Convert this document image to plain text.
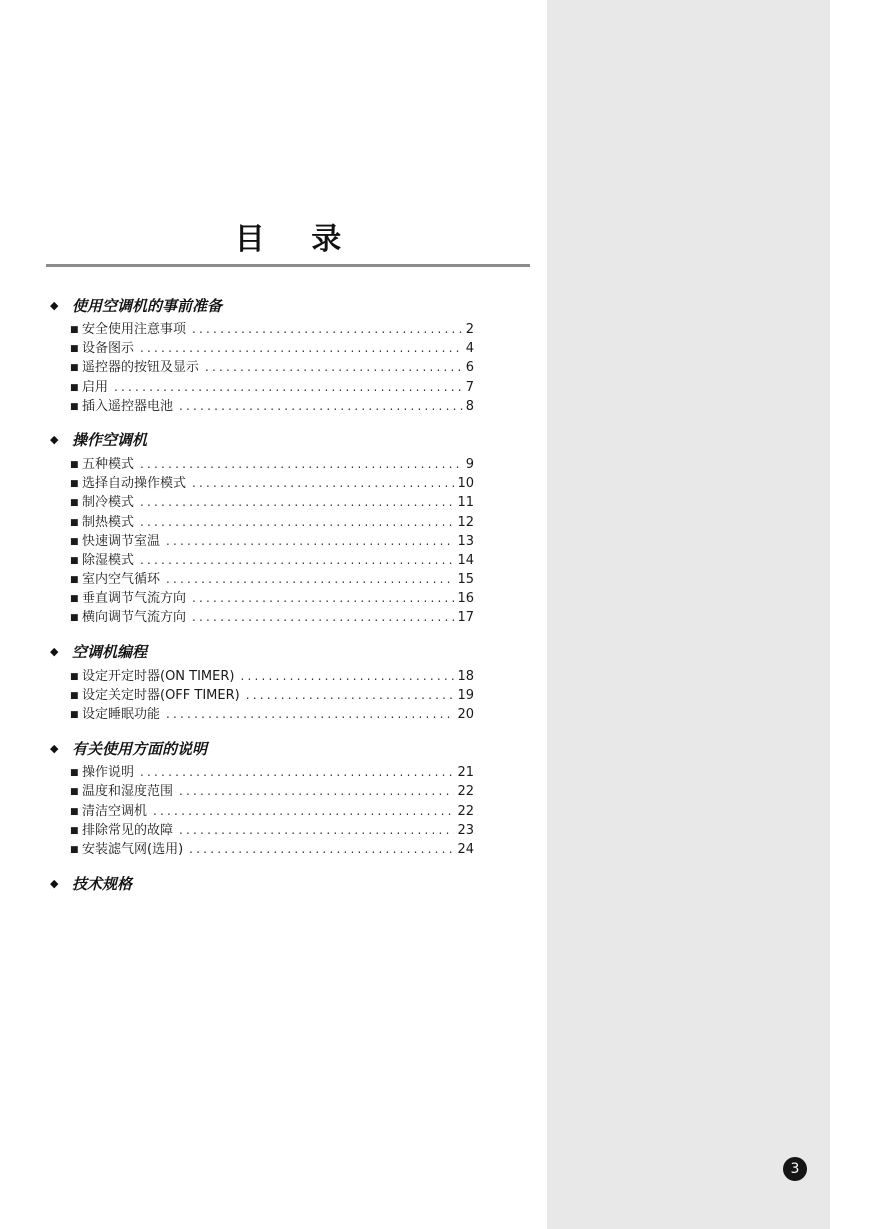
目 录
◆ 使用空调机的事前准备
■ 安全使用注意事项 .....	2
■ 设备图示 .....	4
■ 遥控器的按钮及显示 .....	6
■ 启用 .....	7
■ 插入遥控器电池 .....	8
◆ 操作空调机
■ 五种模式 .....	9
■ 选择自动操作模式 .....	10
■ 制冷模式 .....	11
■ 制热模式 .....	12
■ 快速调节室温 .....	13
■ 除湿模式 .....	14
■ 室内空气循环 .....	15
■ 垂直调节气流方向 .....	16
■ 横向调节气流方向 .....	17
◆ 空调机编程
■ 设定开定时器(ON TIMER) .....	18
■ 设定关定时器(OFF TIMER) .....	19
■ 设定睡眠功能 .....	20
◆ 有关使用方面的说明
■ 操作说明 .....	21
■ 温度和湿度范围 .....	22
■ 清洁空调机 .....	22
■ 排除常见的故障 .....	23
■ 安装滤气网(选用) .....	24
◆ 技术规格
3
